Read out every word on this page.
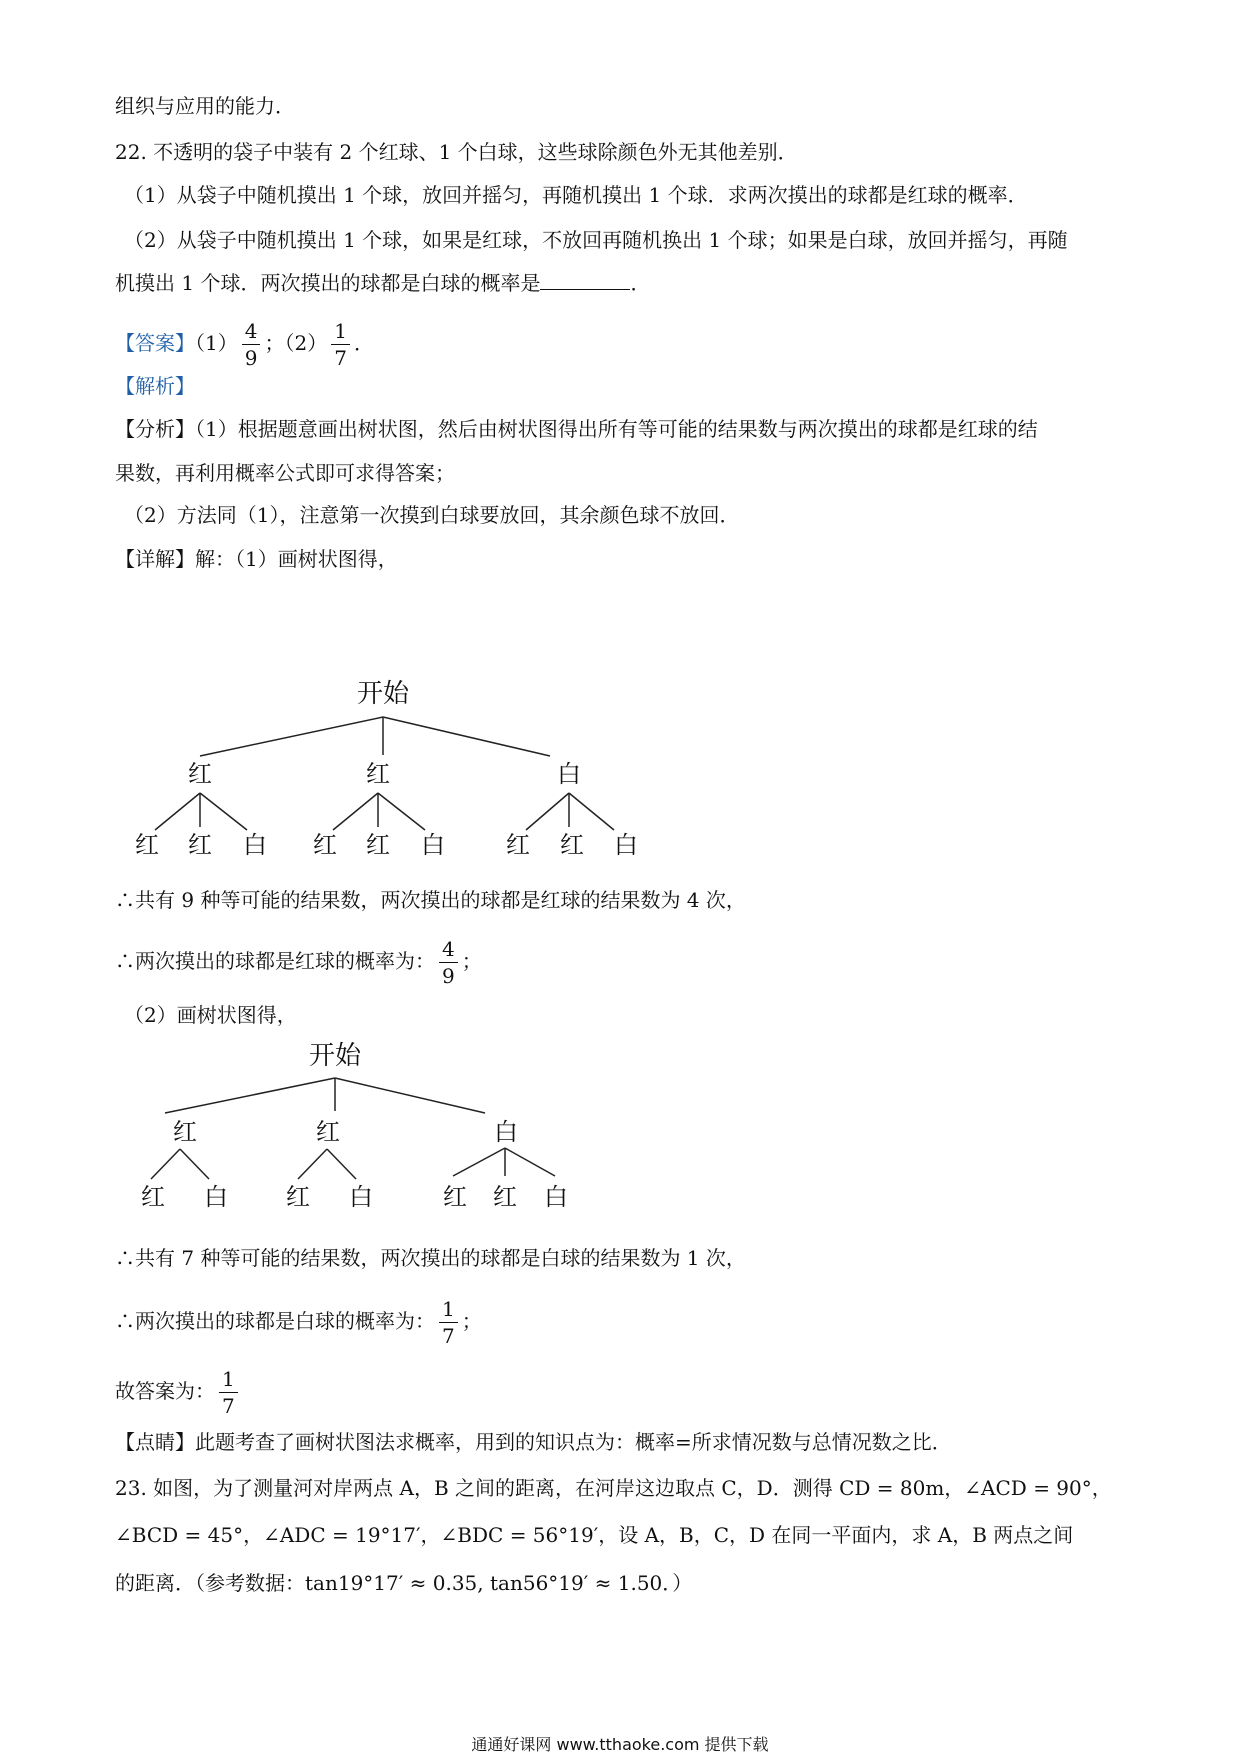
组织与应用的能力．
22. 不透明的袋子中装有 2 个红球、1 个白球，这些球除颜色外无其他差别．
（1）从袋子中随机摸出 1 个球，放回并摇匀，再随机摸出 1 个球．求两次摸出的球都是红球的概率．
（2）从袋子中随机摸出 1 个球，如果是红球，不放回再随机换出 1 个球；如果是白球，放回并摇匀，再随
机摸出 1 个球．两次摸出的球都是白球的概率是	．
【答案】$(1) \frac{4}{9}$ ；$(2) \frac{1}{7}$ ．
【解析】
【分析】（1）根据题意画出树状图，然后由树状图得出所有等可能的结果数与两次摸出的球都是红球的结
果数，再利用概率公式即可求得答案；
（2）方法同（1），注意第一次摸到白球要放回，其余颜色球不放回．
【详解】解：（1）画树状图得，
开始
红	红	白
红 红 白 红 红 白	红 红 白
∴共有 9 种等可能的结果数，两次摸出的球都是红球的结果数为 4 次，
∴两次摸出的球都是红球的概率为： $\frac{4}{9}$ ；
（2）画树状图得，
开始
红	红	白
红 白 红 白	红 红 白
∴共有 7 种等可能的结果数，两次摸出的球都是白球的结果数为 1 次，
∴两次摸出的球都是白球的概率为： $\frac{1}{7}$ ；
故答案为： $\frac{1}{7}$
【点睛】此题考查了画树状图法求概率，用到的知识点为：概率=所求情况数与总情况数之比．
23. 如图，为了测量河对岸两点 A，B 之间的距离，在河岸这边取点 C，D．测得 CD = 80m，∠ACD = 90°，
∠BCD = 45°，∠ADC = 19°17′，∠BDC = 56°19′，设 A，B，C，D 在同一平面内，求 A，B 两点之间
的距离．（参考数据：tan19°17′ ≈ 0.35, tan56°19′ ≈ 1.50．）
通通好课网 www.tthaoke.com 提供下载
